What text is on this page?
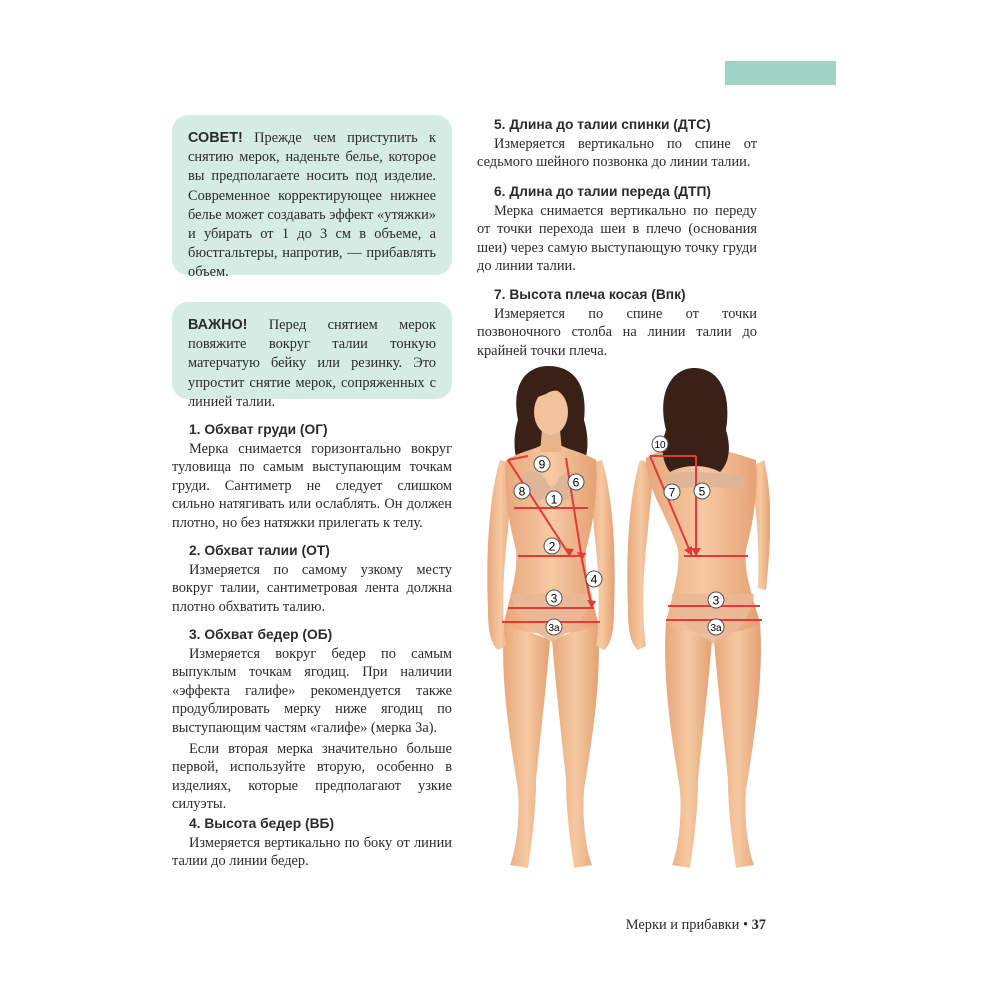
СОВЕТ! Прежде чем приступить к снятию мерок, наденьте белье, которое вы предполагаете носить под изделие. Современное корректирующее нижнее белье может создавать эффект «утяжки» и убирать от 1 до 3 см в объеме, а бюстгальтеры, напротив, — прибавлять объем.
ВАЖНО! Перед снятием мерок повяжите вокруг талии тонкую матерчатую бейку или резинку. Это упростит снятие мерок, сопряженных с линией талии.
1. Обхват груди (ОГ)

Мерка снимается горизонтально вокруг туловища по самым выступающим точкам груди. Сантиметр не следует слишком сильно натягивать или ослаблять. Он должен плотно, но без натяжки прилегать к телу.

2. Обхват талии (ОТ)

Измеряется по самому узкому месту вокруг талии, сантиметровая лента должна плотно обхватить талию.

3. Обхват бедер (ОБ)

Измеряется вокруг бедер по самым выпуклым точкам ягодиц. При наличии «эффекта галифе» рекомендуется также продублировать мерку ниже ягодиц по выступающим частям «галифе» (мерка 3а).

Если вторая мерка значительно больше первой, используйте вторую, особенно в изделиях, которые предполагают узкие силуэты.

4. Высота бедер (ВБ)

Измеряется вертикально по боку от линии талии до линии бедер.

5. Длина до талии спинки (ДТС)

Измеряется вертикально по спине от седьмого шейного позвонка до линии талии.

6. Длина до талии переда (ДТП)

Мерка снимается вертикально по переду от точки перехода шеи в плечо (основания шеи) через самую выступающую точку груди до линии талии.

7. Высота плеча косая (Впк)

Измеряется по спине от точки позвоночного столба на линии талии до крайней точки плеча.

9
8
1
6
2
4
3
3а
10
7 5
3
3а
Мерки и прибавки • 37
